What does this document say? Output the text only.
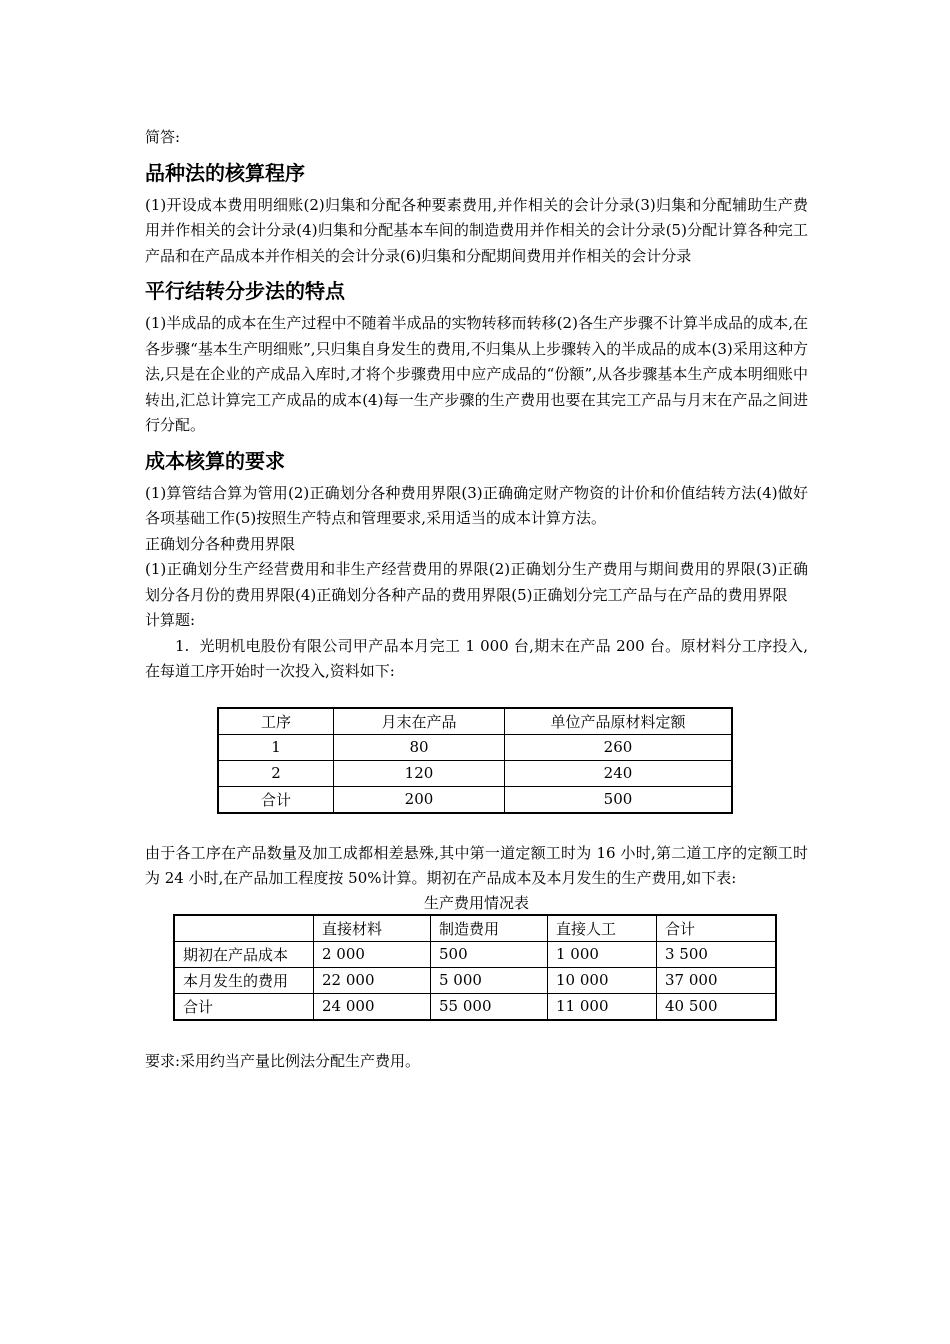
简答:
品种法的核算程序

(1)开设成本费用明细账(2)归集和分配各种要素费用,并作相关的会计分录(3)归集和分配辅助生产费用并作相关的会计分录(4)归集和分配基本车间的制造费用并作相关的会计分录(5)分配计算各种完工产品和在产品成本并作相关的会计分录(6)归集和分配期间费用并作相关的会计分录

平行结转分步法的特点

(1)半成品的成本在生产过程中不随着半成品的实物转移而转移(2)各生产步骤不计算半成品的成本,在各步骤“基本生产明细账”,只归集自身发生的费用,不归集从上步骤转入的半成品的成本(3)采用这种方法,只是在企业的产成品入库时,才将个步骤费用中应产成品的“份额”,从各步骤基本生产成本明细账中转出,汇总计算完工产成品的成本(4)每一生产步骤的生产费用也要在其完工产品与月末在产品之间进行分配。

成本核算的要求

(1)算管结合算为管用(2)正确划分各种费用界限(3)正确确定财产物资的计价和价值结转方法(4)做好各项基础工作(5)按照生产特点和管理要求,采用适当的成本计算方法。

正确划分各种费用界限

(1)正确划分生产经营费用和非生产经营费用的界限(2)正确划分生产费用与期间费用的界限(3)正确划分各月份的费用界限(4)正确划分各种产品的费用界限(5)正确划分完工产品与在产品的费用界限

计算题:

1. 光明机电股份有限公司甲产品本月完工 1 000 台,期末在产品 200 台。原材料分工序投入,在每道工序开始时一次投入,资料如下:

工序	月末在产品	单位产品原材料定额
1	80	260
2	120	240
合计	200	500

由于各工序在产品数量及加工成都相差悬殊,其中第一道定额工时为 16 小时,第二道工序的定额工时为 24 小时,在产品加工程度按 50%计算。期初在产品成本及本月发生的生产费用,如下表:

生产费用情况表
	直接材料	制造费用	直接人工	合计
期初在产品成本	2 000	500	1 000	3 500
本月发生的费用	22 000	5 000	10 000	37 000
合计	24 000	55 000	11 000	40 500

要求:采用约当产量比例法分配生产费用。
